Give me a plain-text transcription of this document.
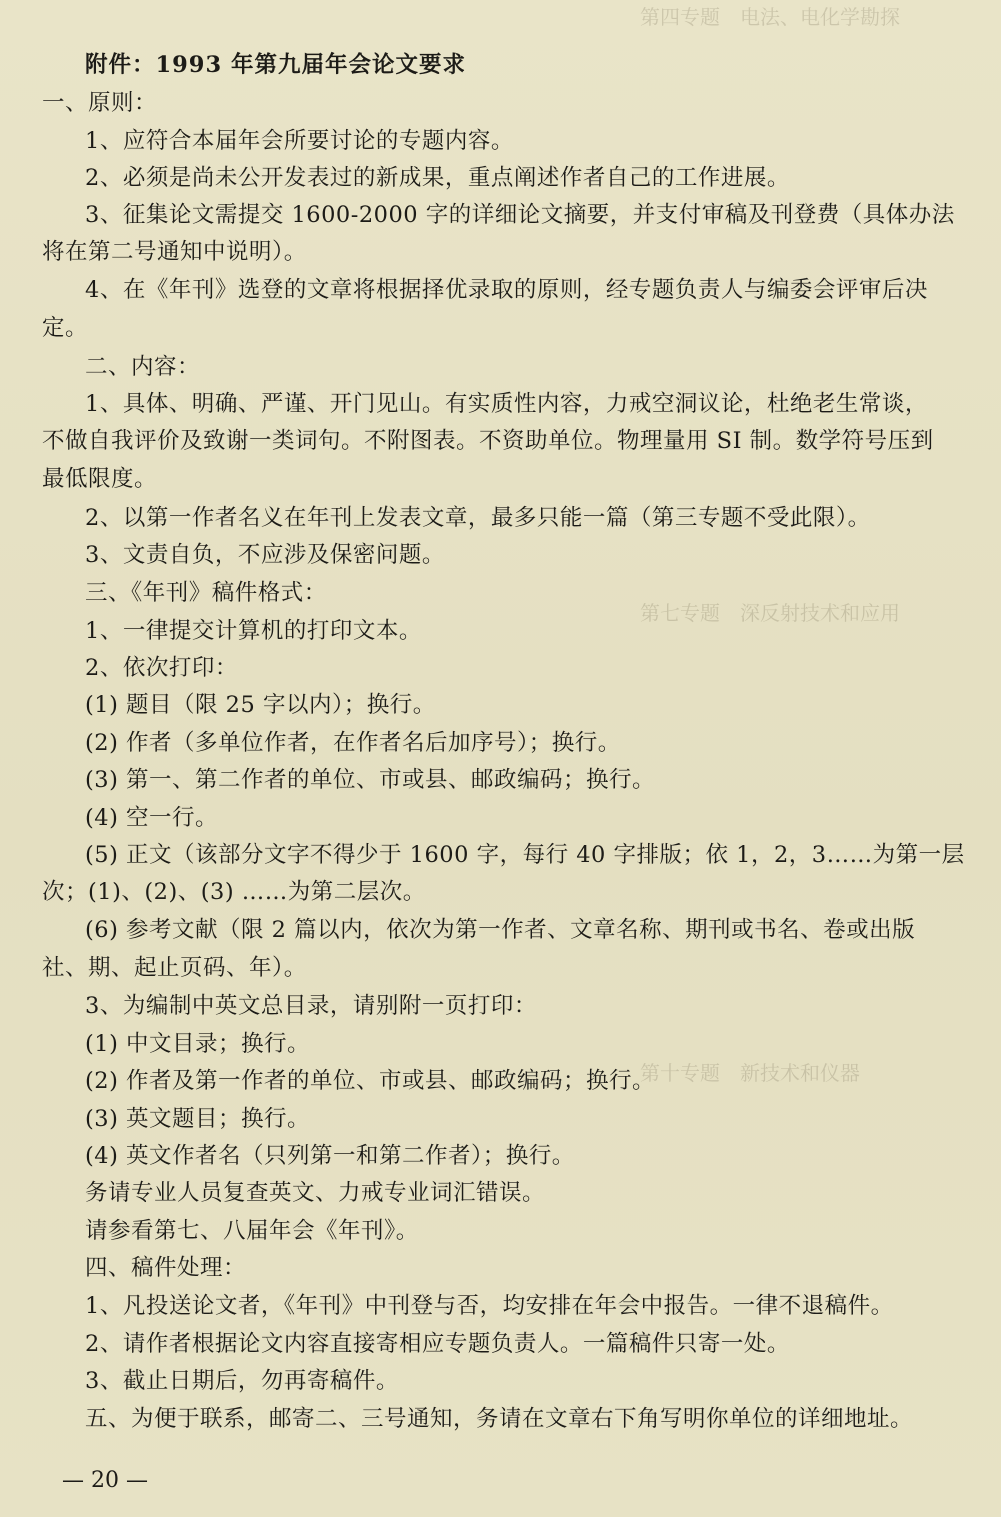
第四专题　电法、电化学勘探
第七专题　深反射技术和应用
第十专题　新技术和仪器
附件：1993 年第九届年会论文要求
一、原则：
1、应符合本届年会所要讨论的专题内容。
2、必须是尚未公开发表过的新成果，重点阐述作者自己的工作进展。
3、征集论文需提交 1600-2000 字的详细论文摘要，并支付审稿及刊登费（具体办法
将在第二号通知中说明）。
4、在《年刊》选登的文章将根据择优录取的原则，经专题负责人与编委会评审后决
定。
二、内容：
1、具体、明确、严谨、开门见山。有实质性内容，力戒空洞议论，杜绝老生常谈，
不做自我评价及致谢一类词句。不附图表。不资助单位。物理量用 SI 制。数学符号压到
最低限度。
2、以第一作者名义在年刊上发表文章，最多只能一篇（第三专题不受此限）。
3、文责自负，不应涉及保密问题。
三、《年刊》稿件格式：
1、一律提交计算机的打印文本。
2、依次打印：
(1) 题目（限 25 字以内）；换行。
(2) 作者（多单位作者，在作者名后加序号）；换行。
(3) 第一、第二作者的单位、市或县、邮政编码；换行。
(4) 空一行。
(5) 正文（该部分文字不得少于 1600 字，每行 40 字排版；依 1，2，3……为第一层
次；(1)、(2)、(3) ……为第二层次。
(6) 参考文献（限 2 篇以内，依次为第一作者、文章名称、期刊或书名、卷或出版
社、期、起止页码、年）。
3、为编制中英文总目录，请别附一页打印：
(1) 中文目录；换行。
(2) 作者及第一作者的单位、市或县、邮政编码；换行。
(3) 英文题目；换行。
(4) 英文作者名（只列第一和第二作者）；换行。
务请专业人员复查英文、力戒专业词汇错误。
请参看第七、八届年会《年刊》。
四、稿件处理：
1、凡投送论文者，《年刊》中刊登与否，均安排在年会中报告。一律不退稿件。
2、请作者根据论文内容直接寄相应专题负责人。一篇稿件只寄一处。
3、截止日期后，勿再寄稿件。
五、为便于联系，邮寄二、三号通知，务请在文章右下角写明你单位的详细地址。
— 20 —
